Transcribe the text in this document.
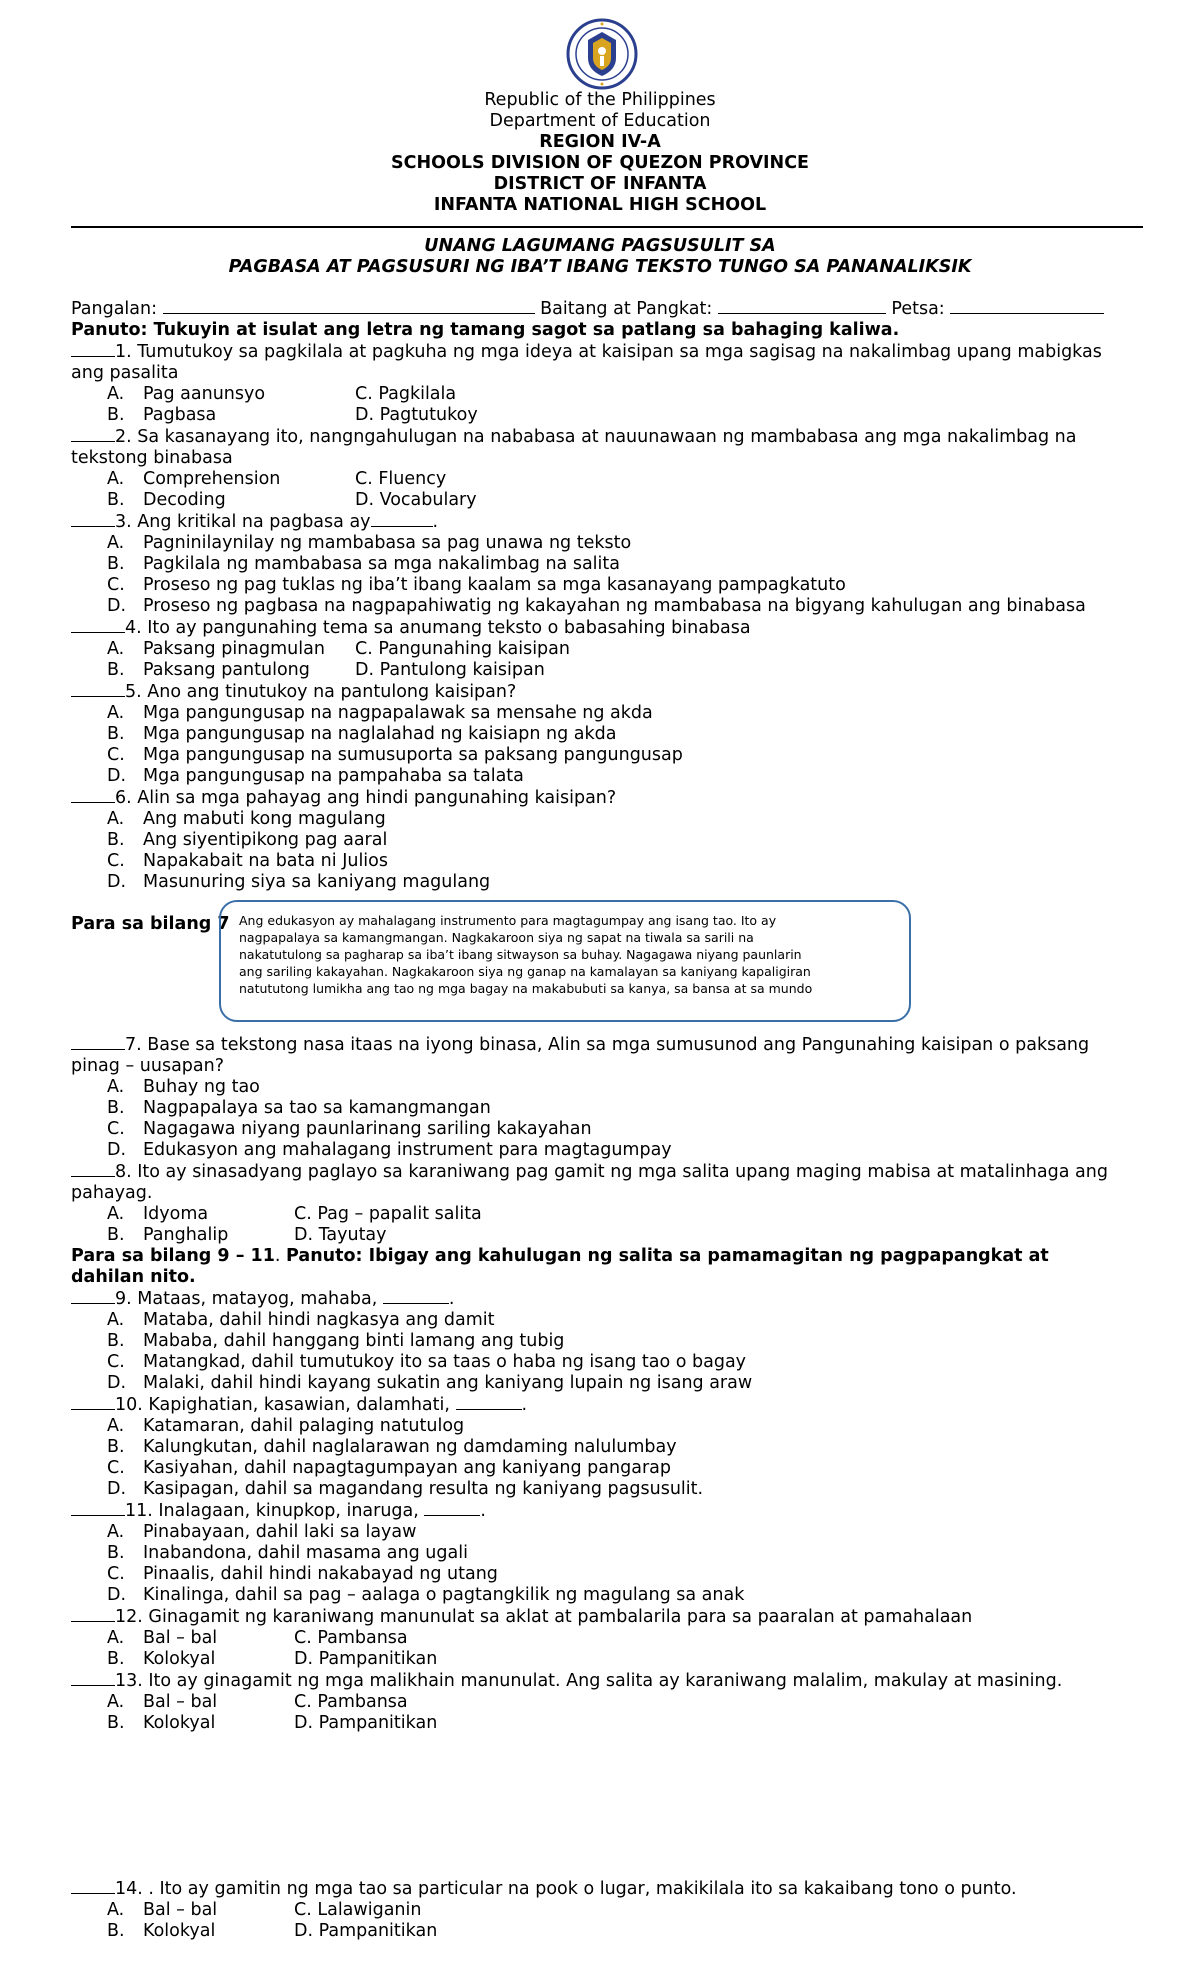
Republic of the Philippines
Department of Education
REGION IV-A
SCHOOLS DIVISION OF QUEZON PROVINCE
DISTRICT OF INFANTA
INFANTA NATIONAL HIGH SCHOOL
UNANG LAGUMANG PAGSUSULIT SA
PAGBASA AT PAGSUSURI NG IBA’T IBANG TEKSTO TUNGO SA PANANALIKSIK
Pangalan:	Baitang at Pangkat:	Petsa:
Panuto: Tukuyin at isulat ang letra ng tamang sagot sa patlang sa bahaging kaliwa.
1. Tumutukoy sa pagkilala at pagkuha ng mga ideya at kaisipan sa mga sagisag na nakalimbag upang mabigkas
ang pasalita
A.	Pag aanunsyo	C. Pagkilala
B.	Pagbasa	D. Pagtutukoy
2. Sa kasanayang ito, nangngahulugan na nababasa at nauunawaan ng mambabasa ang mga nakalimbag na
tekstong binabasa
A.	Comprehension	C. Fluency
B.	Decoding	D. Vocabulary
3. Ang kritikal na pagbasa ay	.
A.	Pagninilaynilay ng mambabasa sa pag unawa ng teksto
B.	Pagkilala ng mambabasa sa mga nakalimbag na salita
C.	Proseso ng pag tuklas ng iba’t ibang kaalam sa mga kasanayang pampagkatuto
D. Proseso ng pagbasa na nagpapahiwatig ng kakayahan ng mambabasa na bigyang kahulugan ang binabasa
4. Ito ay pangunahing tema sa anumang teksto o babasahing binabasa
A.	Paksang pinagmulan	C. Pangunahing kaisipan
B.	Paksang pantulong	D. Pantulong kaisipan
5. Ano ang tinutukoy na pantulong kaisipan?
A.	Mga pangungusap na nagpapalawak sa mensahe ng akda
B.	Mga pangungusap na naglalahad ng kaisiapn ng akda
C.	Mga pangungusap na sumusuporta sa paksang pangungusap
D. Mga pangungusap na pampahaba sa talata
6. Alin sa mga pahayag ang hindi pangunahing kaisipan?
A.	Ang mabuti kong magulang
B.	Ang siyentipikong pag aaral
C.	Napakabait na bata ni Julios
D. Masunuring siya sa kaniyang magulang
Para sa bilang 7
7. Base sa tekstong nasa itaas na iyong binasa, Alin sa mga sumusunod ang Pangunahing kaisipan o paksang
pinag – uusapan?
A.	Buhay ng tao
B.	Nagpapalaya sa tao sa kamangmangan
C.	Nagagawa niyang paunlarinang sariling kakayahan
D. Edukasyon ang mahalagang instrument para magtagumpay
8. Ito ay sinasadyang paglayo sa karaniwang pag gamit ng mga salita upang maging mabisa at matalinhaga ang
pahayag.
A.	Idyoma	C. Pag – papalit salita
B.	Panghalip	D. Tayutay
Para sa bilang 9 – 11. Panuto: Ibigay ang kahulugan ng salita sa pamamagitan ng pagpapangkat at
dahilan nito.
9. Mataas, matayog, mahaba,	.
A.	Mataba, dahil hindi nagkasya ang damit
B.	Mababa, dahil hanggang binti lamang ang tubig
C.	Matangkad, dahil tumutukoy ito sa taas o haba ng isang tao o bagay
D. Malaki, dahil hindi kayang sukatin ang kaniyang lupain ng isang araw
10. Kapighatian, kasawian, dalamhati,	.
A.	Katamaran, dahil palaging natutulog
B.	Kalungkutan, dahil naglalarawan ng damdaming nalulumbay
C.	Kasiyahan, dahil napagtagumpayan ang kaniyang pangarap
D. Kasipagan, dahil sa magandang resulta ng kaniyang pagsusulit.
11. Inalagaan, kinupkop, inaruga,	.
A.	Pinabayaan, dahil laki sa layaw
B.	Inabandona, dahil masama ang ugali
C.	Pinaalis, dahil hindi nakabayad ng utang
D. Kinalinga, dahil sa pag – aalaga o pagtangkilik ng magulang sa anak
12. Ginagamit ng karaniwang manunulat sa aklat at pambalarila para sa paaralan at pamahalaan
A.	Bal – bal	C. Pambansa
B.	Kolokyal	D. Pampanitikan
13. Ito ay ginagamit ng mga malikhain manunulat. Ang salita ay karaniwang malalim, makulay at masining.
A.	Bal – bal	C. Pambansa
B.	Kolokyal	D. Pampanitikan
14. . Ito ay gamitin ng mga tao sa particular na pook o lugar, makikilala ito sa kakaibang tono o punto.
A.	Bal – bal	C. Lalawiganin
B.	Kolokyal	D. Pampanitikan
Ang edukasyon ay mahalagang instrumento para magtagumpay ang isang tao. Ito ay
nagpapalaya sa kamangmangan. Nagkakaroon siya ng sapat na tiwala sa sarili na
nakatutulong sa pagharap sa iba’t ibang sitwayson sa buhay. Nagagawa niyang paunlarin
ang sariling kakayahan. Nagkakaroon siya ng ganap na kamalayan sa kaniyang kapaligiran
natututong lumikha ang tao ng mga bagay na makabubuti sa kanya, sa bansa at sa mundo
